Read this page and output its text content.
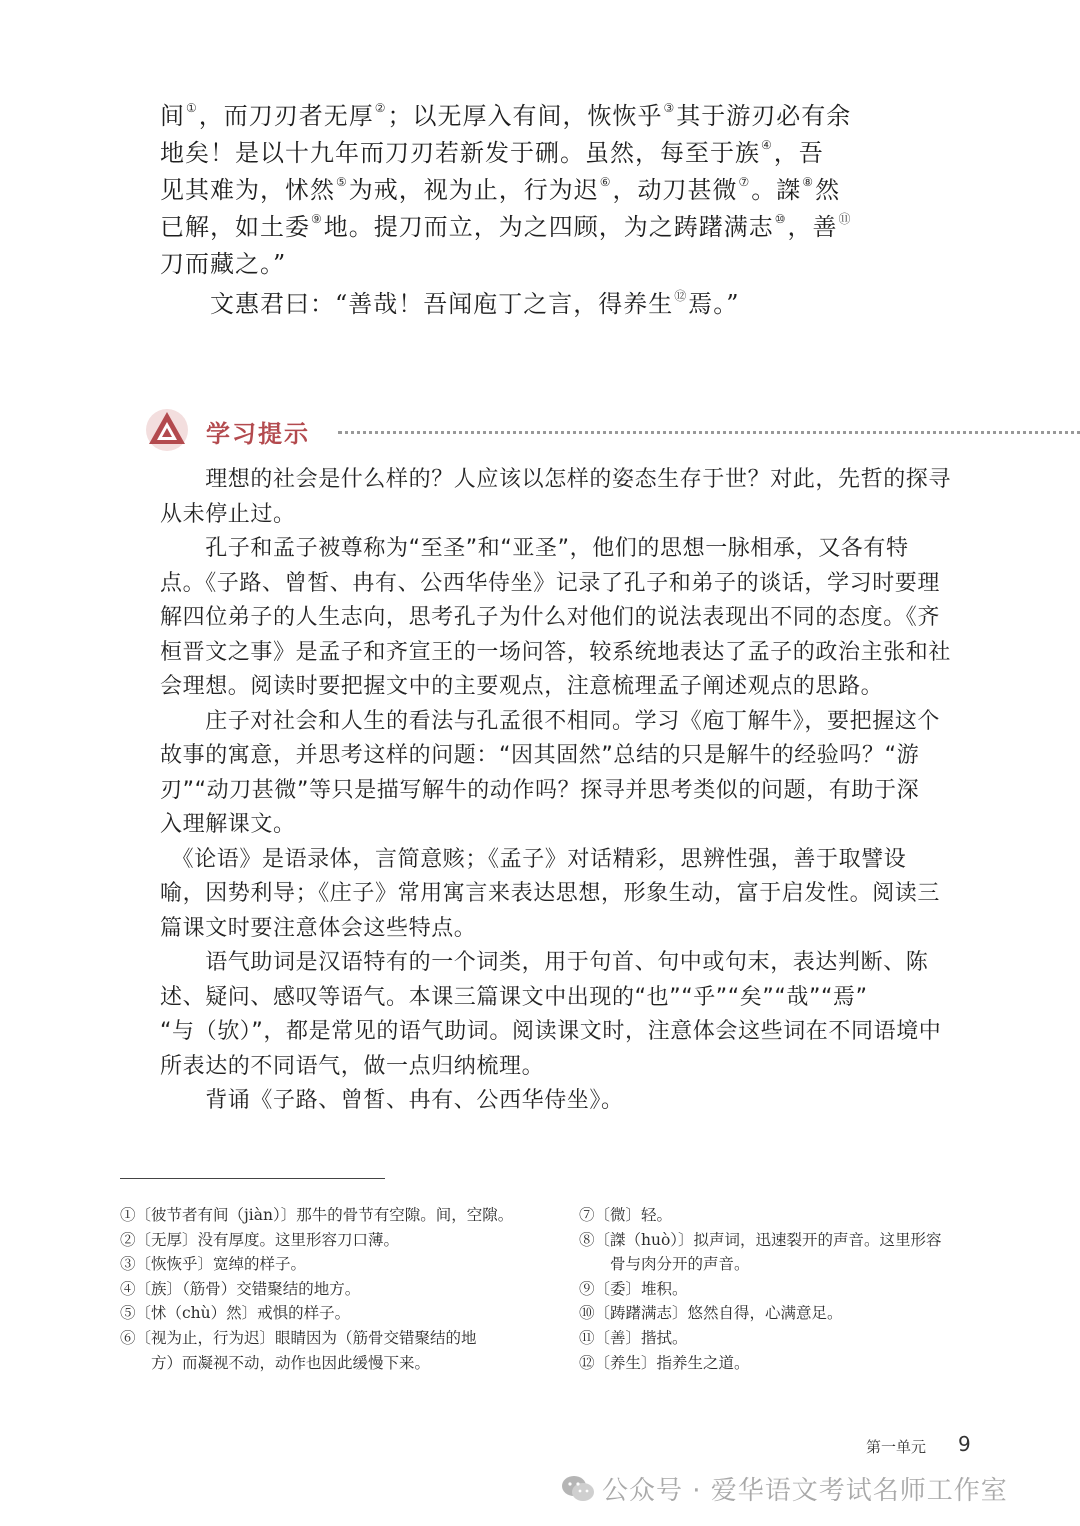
间①，而刀刃者无厚②；以无厚入有间，恢恢乎③其于游刃必有余
地矣！是以十九年而刀刃若新发于硎。虽然，每至于族④，吾
见其难为，怵然⑤为戒，视为止，行为迟⑥，动刀甚微⑦。謋⑧然
已解，如土委⑨地。提刀而立，为之四顾，为之踌躇满志⑩，善⑪
刀而藏之。”
　　文惠君曰：“善哉！吾闻庖丁之言，得养生⑫焉。”
学习提示
　　理想的社会是什么样的？人应该以怎样的姿态生存于世？对此，先哲的探寻
从未停止过。
　　孔子和孟子被尊称为“至圣”和“亚圣”，他们的思想一脉相承，又各有特
点。《子路、曾皙、冉有、公西华侍坐》记录了孔子和弟子的谈话，学习时要理
解四位弟子的人生志向，思考孔子为什么对他们的说法表现出不同的态度。《齐
桓晋文之事》是孟子和齐宣王的一场问答，较系统地表达了孟子的政治主张和社
会理想。阅读时要把握文中的主要观点，注意梳理孟子阐述观点的思路。
　　庄子对社会和人生的看法与孔孟很不相同。学习《庖丁解牛》，要把握这个
故事的寓意，并思考这样的问题：“因其固然”总结的只是解牛的经验吗？“游
刃”“动刀甚微”等只是描写解牛的动作吗？探寻并思考类似的问题，有助于深
入理解课文。
　《论语》是语录体，言简意赅；《孟子》对话精彩，思辨性强，善于取譬设
喻，因势利导；《庄子》常用寓言来表达思想，形象生动，富于启发性。阅读三
篇课文时要注意体会这些特点。
　　语气助词是汉语特有的一个词类，用于句首、句中或句末，表达判断、陈
述、疑问、感叹等语气。本课三篇课文中出现的“也”“乎”“矣”“哉”“焉”
“与（欤）”，都是常见的语气助词。阅读课文时，注意体会这些词在不同语境中
所表达的不同语气，做一点归纳梳理。
　　背诵《子路、曾皙、冉有、公西华侍坐》。
①〔彼节者有间（jiàn）〕那牛的骨节有空隙。间，空隙。
②〔无厚〕没有厚度。这里形容刀口薄。
③〔恢恢乎〕宽绰的样子。
④〔族〕（筋骨）交错聚结的地方。
⑤〔怵（chù）然〕戒惧的样子。
⑥〔视为止，行为迟〕眼睛因为（筋骨交错聚结的地
方）而凝视不动，动作也因此缓慢下来。
⑦〔微〕轻。
⑧〔謋（huò）〕拟声词，迅速裂开的声音。这里形容
骨与肉分开的声音。
⑨〔委〕堆积。
⑩〔踌躇满志〕悠然自得，心满意足。
⑪〔善〕揩拭。
⑫〔养生〕指养生之道。
第一单元 9
公众号 · 爱华语文考试名师工作室
